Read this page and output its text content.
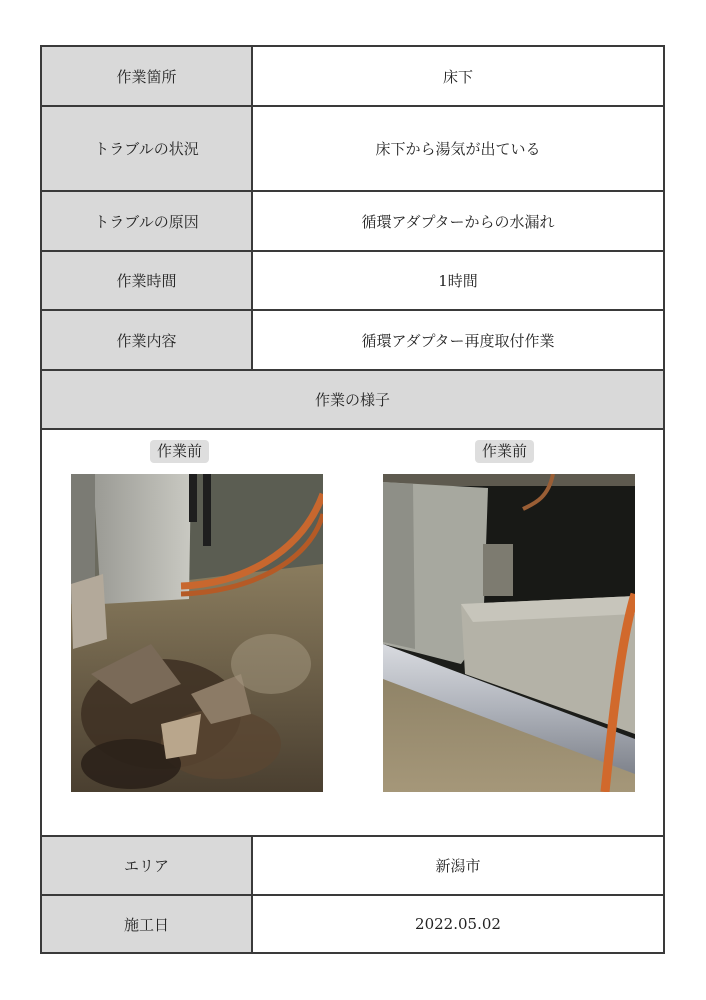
作業箇所	床下
トラブルの状況	床下から湯気が出ている
トラブルの原因	循環アダプターからの水漏れ
作業時間	1時間
作業内容	循環アダプター再度取付作業
作業の様子
作業前	作業前
エリア	新潟市
施工日	2022.05.02
